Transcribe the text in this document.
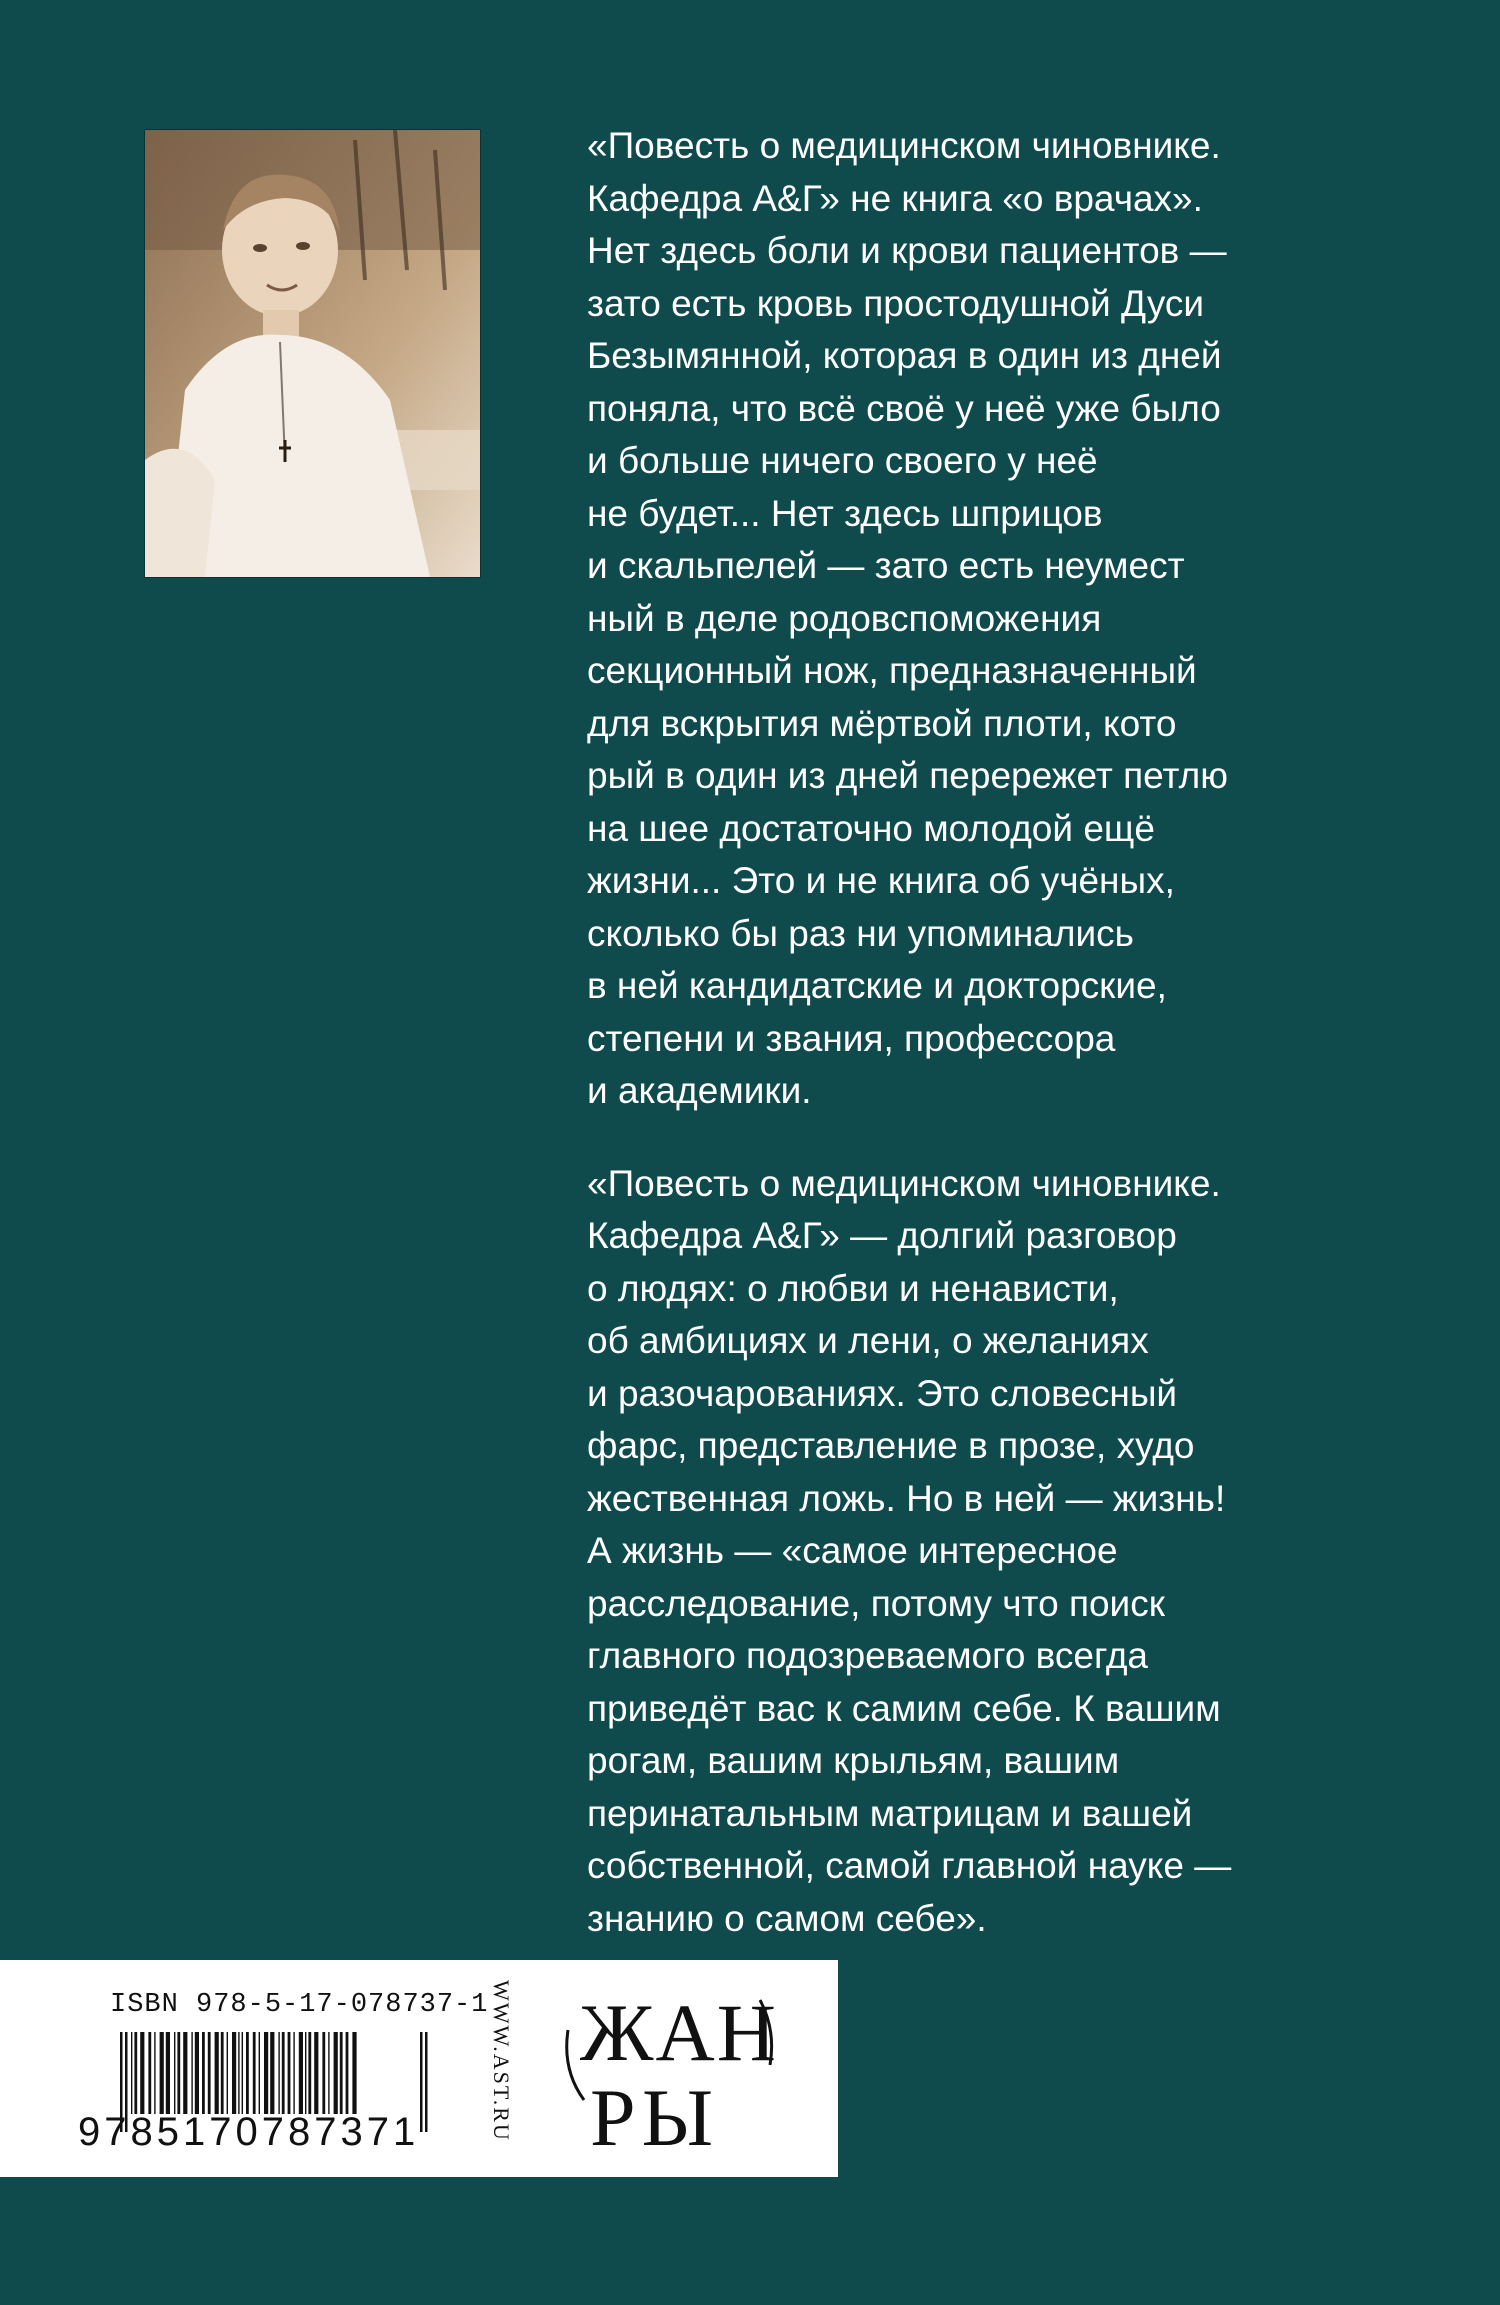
«Повесть о медицинском чиновнике.
Кафедра А&Г» не книга «о врачах».
Нет здесь боли и крови пациентов —
зато есть кровь простодушной Дуси
Безымянной, которая в один из дней
поняла, что всё своё у неё уже было
и больше ничего своего у неё
не будет... Нет здесь шприцов
и скальпелей — зато есть неумест
ный в деле родовспоможения
секционный нож, предназначенный
для вскрытия мёртвой плоти, кото
рый в один из дней перережет петлю
на шее достаточно молодой ещё
жизни... Это и не книга об учёных,
сколько бы раз ни упоминались
в ней кандидатские и докторские,
степени и звания, профессора
и академики.

«Повесть о медицинском чиновнике.
Кафедра А&Г» — долгий разговор
о людях: о любви и ненависти,
об амбициях и лени, о желаниях
и разочарованиях. Это словесный
фарс, представление в прозе, худо
жественная ложь. Но в ней — жизнь!
А жизнь — «самое интересное
расследование, потому что поиск
главного подозреваемого всегда
приведёт вас к самим себе. К вашим
рогам, вашим крыльям, вашим
перинатальным матрицам и вашей
собственной, самой главной науке —
знанию о самом себе».

ISBN 978-5-17-078737-1
9785170787371	WWW.AST.RU ЖАН
РЫ
